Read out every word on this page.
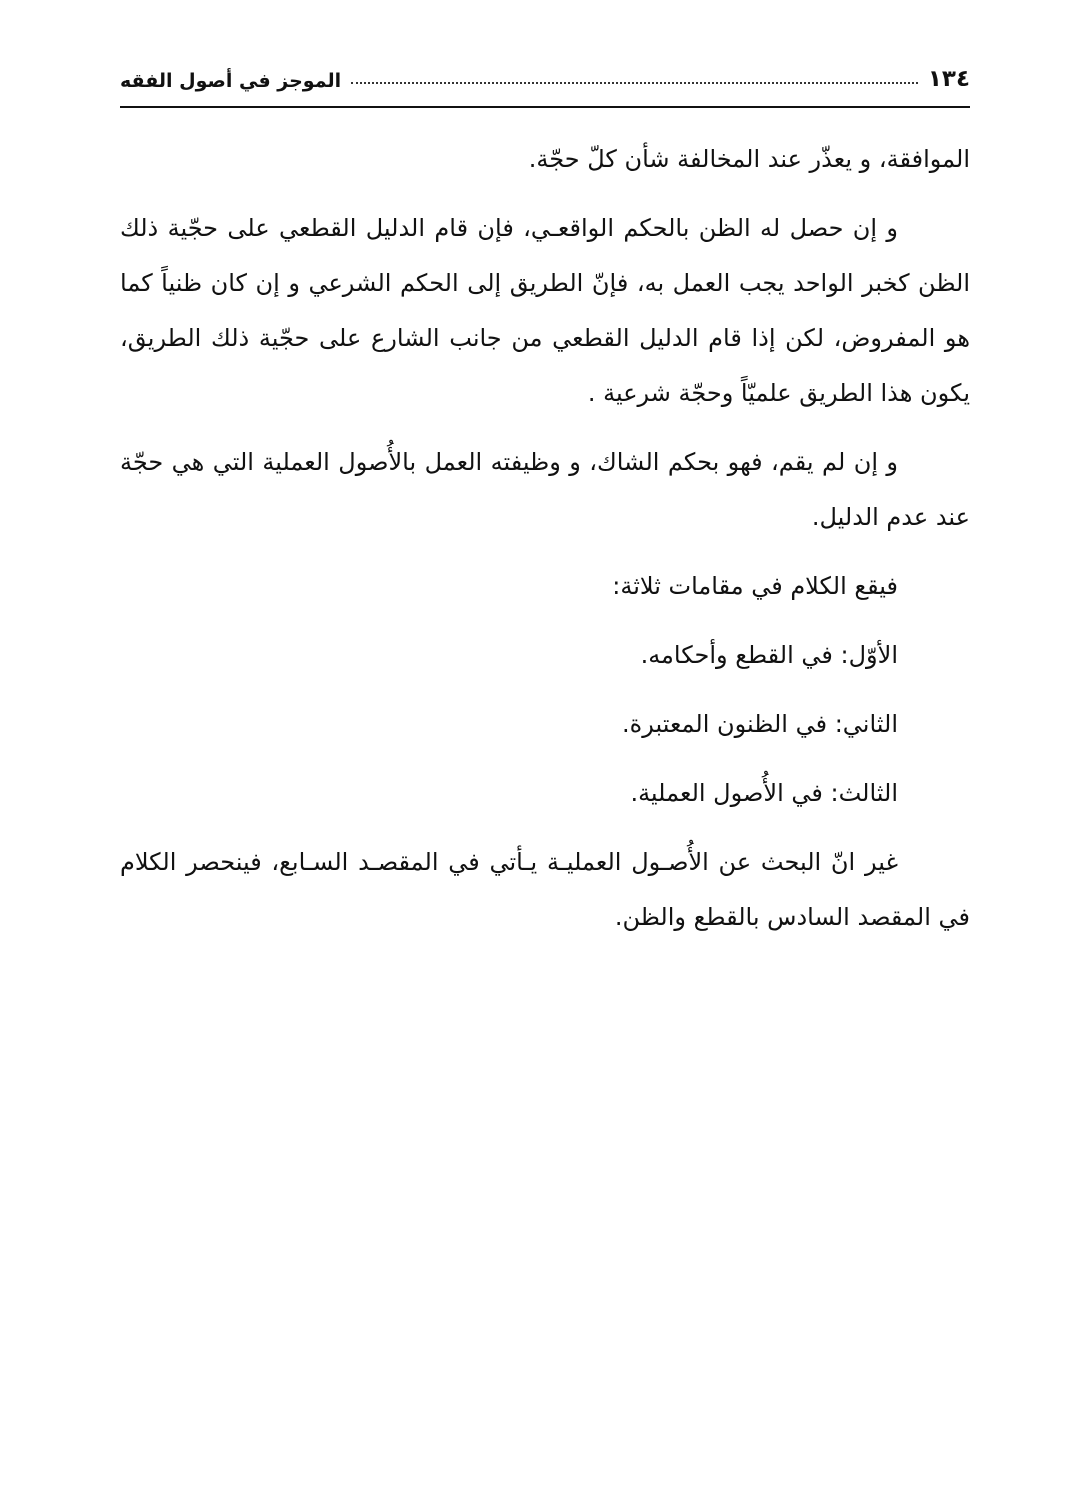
١٣٤
الموجز في أصول الفقه

الموافقة، و يعذّر عند المخالفة شأن كلّ حجّة.

و إن حصل له الظن بالحكم الواقعـي، فإن قام الدليل القطعي على حجّية ذلك الظن كخبر الواحد يجب العمل به، فإنّ الطريق إلى الحكم الشرعي و إن كان ظنياً كما هو المفروض، لكن إذا قام الدليل القطعي من جانب الشارع على حجّية ذلك الطريق، يكون هذا الطريق علميّاً وحجّة شرعية .

و إن لم يقم، فهو بحكم الشاك، و وظيفته العمل بالأُصول العملية التي هي حجّة عند عدم الدليل.

فيقع الكلام في مقامات ثلاثة:
الأوّل: في القطع وأحكامه.
الثاني: في الظنون المعتبرة.
الثالث: في الأُصول العملية.

غير انّ البحث عن الأُصـول العمليـة يـأتي في المقصـد السـابع، فينحصر الكلام في المقصد السادس بالقطع والظن.
